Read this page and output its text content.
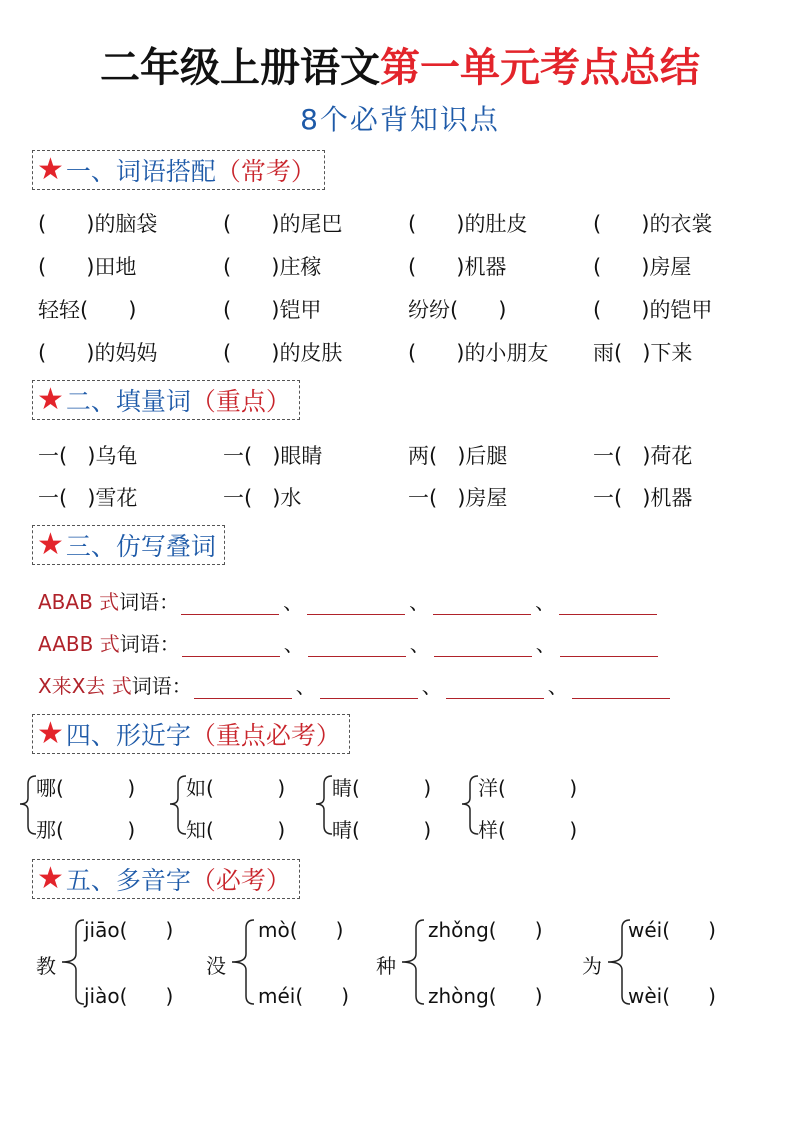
二年级上册语文第一单元考点总结
8个必背知识点
★ 一、词语搭配 （常考）
(      )的脑袋	(      )的尾巴	(      )的肚皮	(      )的衣裳
(      )田地	(      )庄稼	(      )机器	(      )房屋
轻轻(      )	(      )铠甲	纷纷(      )	(      )的铠甲
(      )的妈妈	(      )的皮肤	(      )的小朋友 雨(   )下来
★ 二、填量词 （重点）
一(   )乌龟	一(   )眼睛	两(   )后腿	一(   )荷花
一(   )雪花	一(   )水	一(   )房屋	一(   )机器
★ 三、仿写叠词
ABAB 式 词语：	、	、	、
AABB 式 词语：	、	、	、
X来X去 式 词语：	、	、	、
★ 四、形近字 （重点必考）
哪(          )
那(          )
如(          )
知(          )
睛(          )
晴(          )
洋(          )
样(          )
★ 五、多音字 （必考）
教
jiāo(      )
jiào(      )
没
mò(      )
méi(      )
种
zhǒng(      )
zhòng(      )
为
wéi(      )
wèi(      )
